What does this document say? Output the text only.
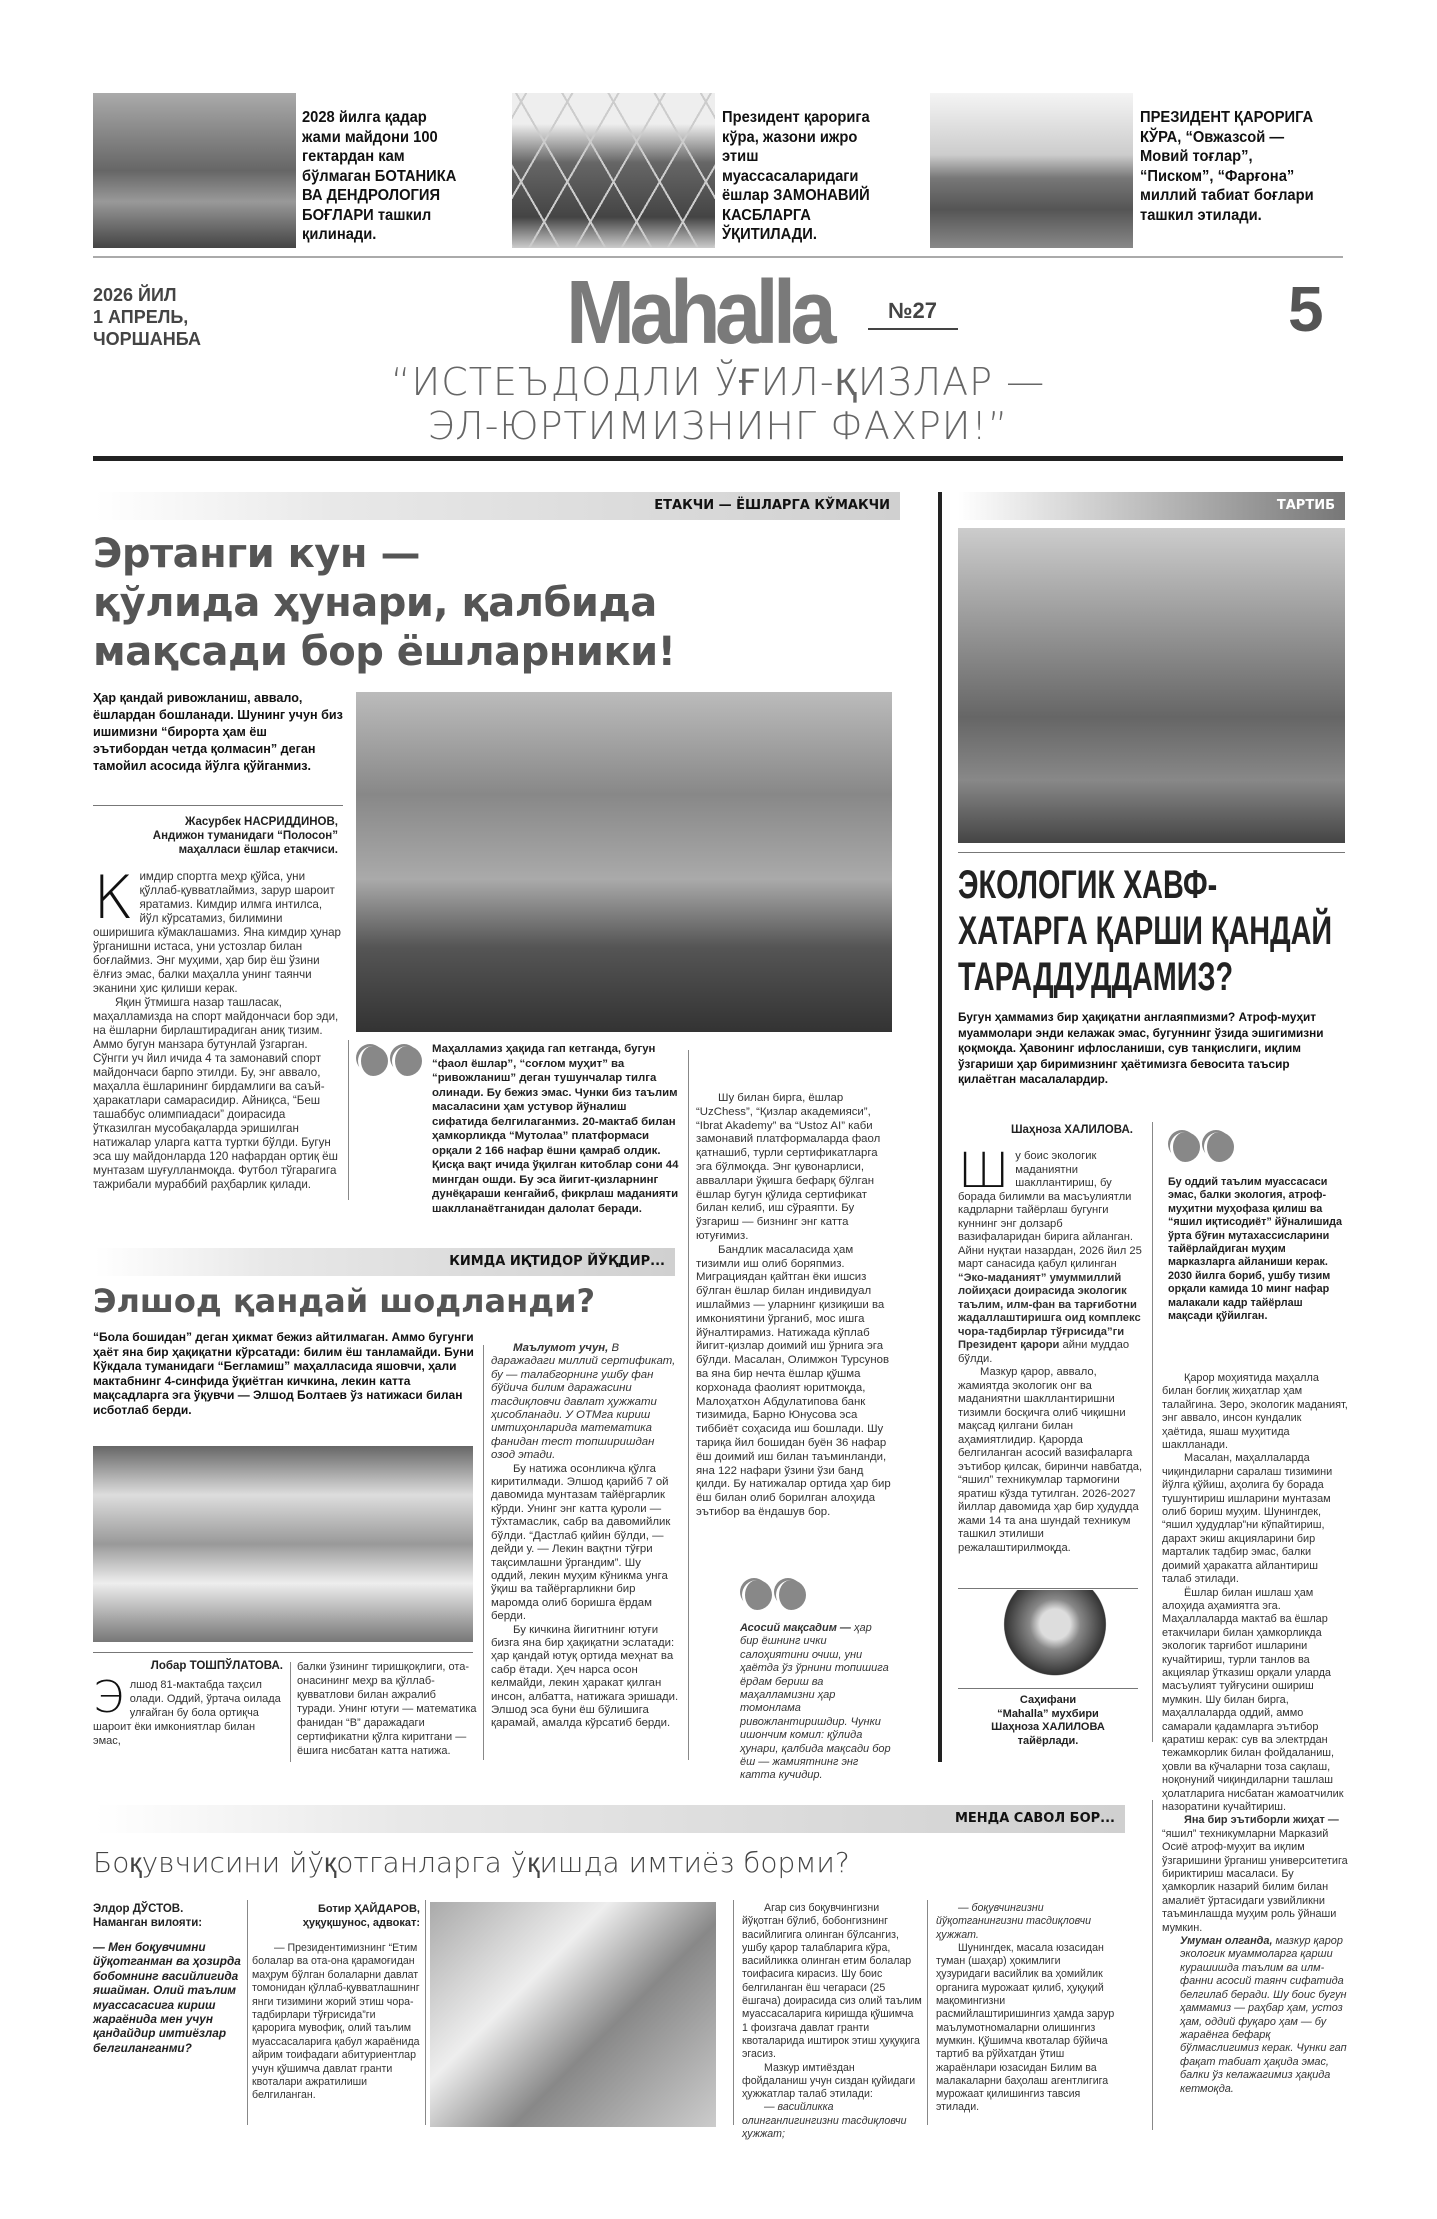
2028 йилга қадар жами майдони 100 гектардан кам бўлмаган БОТАНИКА ВА ДЕНДРОЛОГИЯ БОҒЛАРИ ташкил қилинади.
Президент қарорига кўра, жазони ижро этиш муассасаларидаги ёшлар ЗАМОНАВИЙ КАСБЛАРГА ЎҚИТИЛАДИ.
ПРЕЗИДЕНТ ҚАРОРИГА КЎРА, “Овжазсой — Мовий тоғлар”, “Писком”, “Фарғона” миллий табиат боғлари ташкил этилади.
2026 ЙИЛ
1 АПРЕЛЬ,
ЧОРШАНБА	Mahalla	№27	5
“ИСТЕЪДОДЛИ ЎҒИЛ-ҚИЗЛАР —
ЭЛ-ЮРТИМИЗНИНГ ФАХРИ!”
ЕТАКЧИ — ЁШЛАРГА КЎМАКЧИ
Эртанги кун —
қўлида ҳунари, қалбида
мақсади бор ёшларники!
Ҳар қандай ривожланиш, аввало, ёшлардан бошланади. Шунинг учун биз ишимизни “бирорта ҳам ёш эътибордан четда қолмасин” деган тамойил асосида йўлга қўйганмиз.
Жасурбек НАСРИДДИНОВ,
Андижон туманидаги “Полосон” маҳалласи ёшлар етакчиси.

Кимдир спортга меҳр қўйса, уни қўллаб-қувватлаймиз, зарур шароит яратамиз. Кимдир илмга интилса, йўл кўрсатамиз, билимини оширишига кўмаклашамиз. Яна кимдир ҳунар ўрганишни истаса, уни устозлар билан боғлаймиз. Энг муҳими, ҳар бир ёш ўзини ёлғиз эмас, балки маҳалла унинг таянчи эканини ҳис қилиши керак.

Яқин ўтмишга назар ташласак, маҳалламизда на спорт майдончаси бор эди, на ёшларни бирлаштирадиган аниқ тизим. Аммо бугун манзара бутунлай ўзгарган. Сўнгги уч йил ичида 4 та замонавий спорт майдончаси барпо этилди. Бу, энг аввало, маҳалла ёшларининг бирдамлиги ва саъй-ҳаракатлари самарасидир. Айниқса, “Беш ташаббус олимпиадаси” доирасида ўтказилган мусобақаларда эришилган натижалар уларга катта туртки бўлди. Бугун эса шу майдонларда 120 нафардан ортиқ ёш мунтазам шуғулланмоқда. Футбол тўгарагига тажрибали мураббий раҳбарлик қилади.

Маҳалламиз ҳақида гап кетганда, бугун “фаол ёшлар”, “соғлом муҳит” ва “ривожланиш” деган тушунчалар тилга олинади. Бу бежиз эмас. Чунки биз таълим масаласини ҳам устувор йўналиш сифатида белгилаганмиз. 20-мактаб билан ҳамкорликда “Мутолаа” платформаси орқали 2 166 нафар ёшни қамраб олдик. Қисқа вақт ичида ўқилган китоблар сони 44 мингдан ошди. Бу эса йигит-қизларнинг дунёқараши кенгайиб, фикрлаш маданияти шаклланаётганидан далолат беради.

Шу билан бирга, ёшлар “UzChess”, “Қизлар академияси”, “Ibrat Akademy” ва “Ustoz AI” каби замонавий платформаларда фаол қатнашиб, турли сертификатларга эга бўлмоқда. Энг қувонарлиси, авваллари ўқишга бефарқ бўлган ёшлар бугун қўлида сертификат билан келиб, иш сўраяпти. Бу ўзгариш — бизнинг энг катта ютуғимиз.

Бандлик масаласида ҳам тизимли иш олиб боряпмиз. Миграциядан қайтган ёки ишсиз бўлган ёшлар билан индивидуал ишлаймиз — уларнинг қизиқиши ва имкониятини ўрганиб, мос ишга йўналтирамиз. Натижада кўплаб йигит-қизлар доимий иш ўрнига эга бўлди. Масалан, Олимжон Турсунов ва яна бир нечта ёшлар қўшма корхонада фаолият юритмоқда, Малоҳатхон Абдулатипова банк тизимида, Барно Юнусова эса тиббиёт соҳасида иш бошлади. Шу тариқа йил бошидан буён 36 нафар ёш доимий иш билан таъминланди, яна 122 нафари ўзини ўзи банд қилди. Бу натижалар ортида ҳар бир ёш билан олиб борилган алоҳида эътибор ва ёндашув бор.

Асосий мақсадим — ҳар бир ёшнинг ички салоҳиятини очиш, уни ҳаётда ўз ўрнини топишига ёрдам бериш ва маҳалламизни ҳар томонлама ривожлантиришдир. Чунки ишончим комил: қўлида ҳунари, қалбида мақсади бор ёш — жамиятнинг энг катта кучидир.
КИМДА ИҚТИДОР ЙЎҚДИР...
Элшод қандай шодланди?
“Бола бошидан” деган ҳикмат бежиз айтилмаган. Аммо бугунги ҳаёт яна бир ҳақиқатни кўрсатади: билим ёш танламайди. Буни Кўкдала туманидаги “Бегламиш” маҳалласида яшовчи, ҳали мактабнинг 4-синфида ўқиётган кичкина, лекин катта мақсадларга эга ўқувчи — Элшод Болтаев ўз натижаси билан исботлаб берди.
Лобар ТОШПЎЛАТОВА.

Элшод 81-мактабда таҳсил олади. Оддий, ўртача оилада улғайган бу бола ортиқча шароит ёки имкониятлар билан эмас,

балки ўзининг тиришқоқлиги, ота-онасининг меҳр ва қўллаб-қувватлови билан ажралиб туради. Унинг ютуғи — математика фанидан “B” даражадаги сертификатни қўлга киритгани — ёшига нисбатан катта натижа.

Маълумот учун, В даражадаги миллий сертификат, бу — талабгорнинг ушбу фан бўйича билим даражасини тасдиқловчи давлат ҳужжати ҳисобланади. У ОТМга кириш имтиҳонларида математика фанидан тест топширишдан озод этади.

Бу натижа осонликча қўлга киритилмади. Элшод қарийб 7 ой давомида мунтазам тайёргарлик кўрди. Унинг энг катта қуроли — тўхтамаслик, сабр ва давомийлик бўлди. “Дастлаб қийин бўлди, — дейди у. — Лекин вақтни тўғри тақсимлашни ўргандим”. Шу оддий, лекин муҳим кўникма унга ўқиш ва тайёргарликни бир маромда олиб боришга ёрдам берди.

Бу кичкина йигитнинг ютуғи бизга яна бир ҳақиқатни эслатади: ҳар қандай ютуқ ортида меҳнат ва сабр ётади. Ҳеч нарса осон келмайди, лекин ҳаракат қилган инсон, албатта, натижага эришади. Элшод эса буни ёш бўлишига қарамай, амалда кўрсатиб берди.

ТАРТИБ
ЭКОЛОГИК ХАВФ-
ХАТАРГА ҚАРШИ ҚАНДАЙ
ТАРАДДУДДАМИЗ?
Бугун ҳаммамиз бир ҳақиқатни англаяпмизми? Атроф-муҳит муаммолари энди келажак эмас, бугуннинг ўзида эшигимизни қоқмоқда. Ҳавонинг ифлосланиши, сув танқислиги, иқлим ўзгариши ҳар биримизнинг ҳаётимизга бевосита таъсир қилаётган масалалардир.
Шаҳноза ХАЛИЛОВА.

Шу боис экологик маданиятни шакллантириш, бу борада билимли ва масъулиятли кадрларни тайёрлаш бугунги куннинг энг долзарб вазифаларидан бирига айланган. Айни нуқтаи назардан, 2026 йил 25 март санасида қабул қилинган “Эко-маданият” умуммиллий лойиҳаси доирасида экологик таълим, илм-фан ва тарғиботни жадаллаштиришга оид комплекс чора-тадбирлар тўғрисида”ги Президент қарори айни муддао бўлди.

Мазкур қарор, аввало, жамиятда экологик онг ва маданиятни шакллантиришни тизимли босқичга олиб чиқишни мақсад қилгани билан аҳамиятлидир. Қарорда белгиланган асосий вазифаларга эътибор қилсак, биринчи навбатда, “яшил” техникумлар тармоғини яратиш кўзда тутилган. 2026-2027 йиллар давомида ҳар бир ҳудудда жами 14 та ана шундай техникум ташкил этилиши режалаштирилмоқда.

Саҳифани
“Mahalla” мухбири
Шаҳноза ХАЛИЛОВА
тайёрлади.
Бу оддий таълим муассасаси эмас, балки экология, атроф-муҳитни муҳофаза қилиш ва “яшил иқтисодиёт” йўналишида ўрта бўғин мутахассисларини тайёрлайдиган муҳим марказларга айланиши керак. 2030 йилга бориб, ушбу тизим орқали камида 10 минг нафар малакали кадр тайёрлаш мақсади қўйилган.

Қарор моҳиятида маҳалла билан боғлиқ жиҳатлар ҳам талайгина. Зеро, экологик маданият, энг аввало, инсон кундалик ҳаётида, яшаш муҳитида шаклланади.

Масалан, маҳаллаларда чиқиндиларни саралаш тизимини йўлга қўйиш, аҳолига бу борада тушунтириш ишларини мунтазам олиб бориш муҳим. Шунингдек, “яшил ҳудудлар”ни кўпайтириш, дарахт экиш акцияларини бир марталик тадбир эмас, балки доимий ҳаракатга айлантириш талаб этилади.

Ёшлар билан ишлаш ҳам алоҳида аҳамиятга эга. Маҳаллаларда мактаб ва ёшлар етакчилари билан ҳамкорликда экологик тарғибот ишларини кучайтириш, турли танлов ва акциялар ўтказиш орқали уларда масъулият туйғусини ошириш мумкин. Шу билан бирга, маҳаллаларда оддий, аммо самарали қадамларга эътибор қаратиш керак: сув ва электрдан тежамкорлик билан фойдаланиш, ҳовли ва кўчаларни тоза сақлаш, ноқонуний чиқиндиларни ташлаш ҳолатларига нисбатан жамоатчилик назоратини кучайтириш.

Яна бир эътиборли жиҳат — “яшил” техникумларни Марказий Осиё атроф-муҳит ва иқлим ўзгаришини ўрганиш университетига бириктириш масаласи. Бу ҳамкорлик назарий билим билан амалиёт ўртасидаги узвийликни таъминлашда муҳим роль ўйнаши мумкин.

Умуман олганда, мазкур қарор экологик муаммоларга қарши курашишда таълим ва илм-фанни асосий таянч сифатида белгилаб беради. Шу боис бугун ҳаммамиз — раҳбар ҳам, устоз ҳам, оддий фуқаро ҳам — бу жараёнга бефарқ бўлмаслигимиз керак. Чунки гап фақат табиат ҳақида эмас, балки ўз келажагимиз ҳақида кетмоқда.

МЕНДА САВОЛ БОР...
Боқувчисини йўқотганларга ўқишда имтиёз борми?
Элдор ДЎСТОВ.
Наманган вилояти:
— Мен боқувчимни йўқотганман ва ҳозирда бобомнинг васийлигида яшайман. Олий таълим муассасасига кириш жараёнида мен учун қандайдир имтиёзлар белгиланганми?
Ботир ҲАЙДАРОВ,
ҳуқуқшунос, адвокат:

— Президентимизнинг “Етим болалар ва ота-она қарамоғидан маҳрум бўлган болаларни давлат томонидан қўллаб-қувватлашнинг янги тизимини жорий этиш чора-тадбирлари тўғрисида”ги қарорига мувофиқ, олий таълим муассасаларига қабул жараёнида айрим тоифадаги абитуриентлар учун қўшимча давлат гранти квоталари ажратилиши белгиланган.

Агар сиз боқувчингизни йўқотган бўлиб, бобонгизнинг васийлигига олинган бўлсангиз, ушбу қарор талабларига кўра, васийликка олинган етим болалар тоифасига кирасиз. Шу боис белгиланган ёш чегараси (25 ёшгача) доирасида сиз олий таълим муассасаларига киришда қўшимча 1 фоизгача давлат гранти квоталарида иштирок этиш ҳуқуқига эгасиз.

Мазкур имтиёздан фойдаланиш учун сиздан қуйидаги ҳужжатлар талаб этилади:

— васийликка олинганлигингизни тасдиқловчи ҳужжат;

— боқувчингизни йўқотганингизни тасдиқловчи ҳужжат.

Шунингдек, масала юзасидан туман (шаҳар) ҳокимлиги ҳузуридаги васийлик ва ҳомийлик органига мурожаат қилиб, ҳуқуқий мақомингизни расмийлаштиришингиз ҳамда зарур маълумотномаларни олишингиз мумкин. Қўшимча квоталар бўйича тартиб ва рўйхатдан ўтиш жараёнлари юзасидан Билим ва малакаларни баҳолаш агентлигига мурожаат қилишингиз тавсия этилади.
